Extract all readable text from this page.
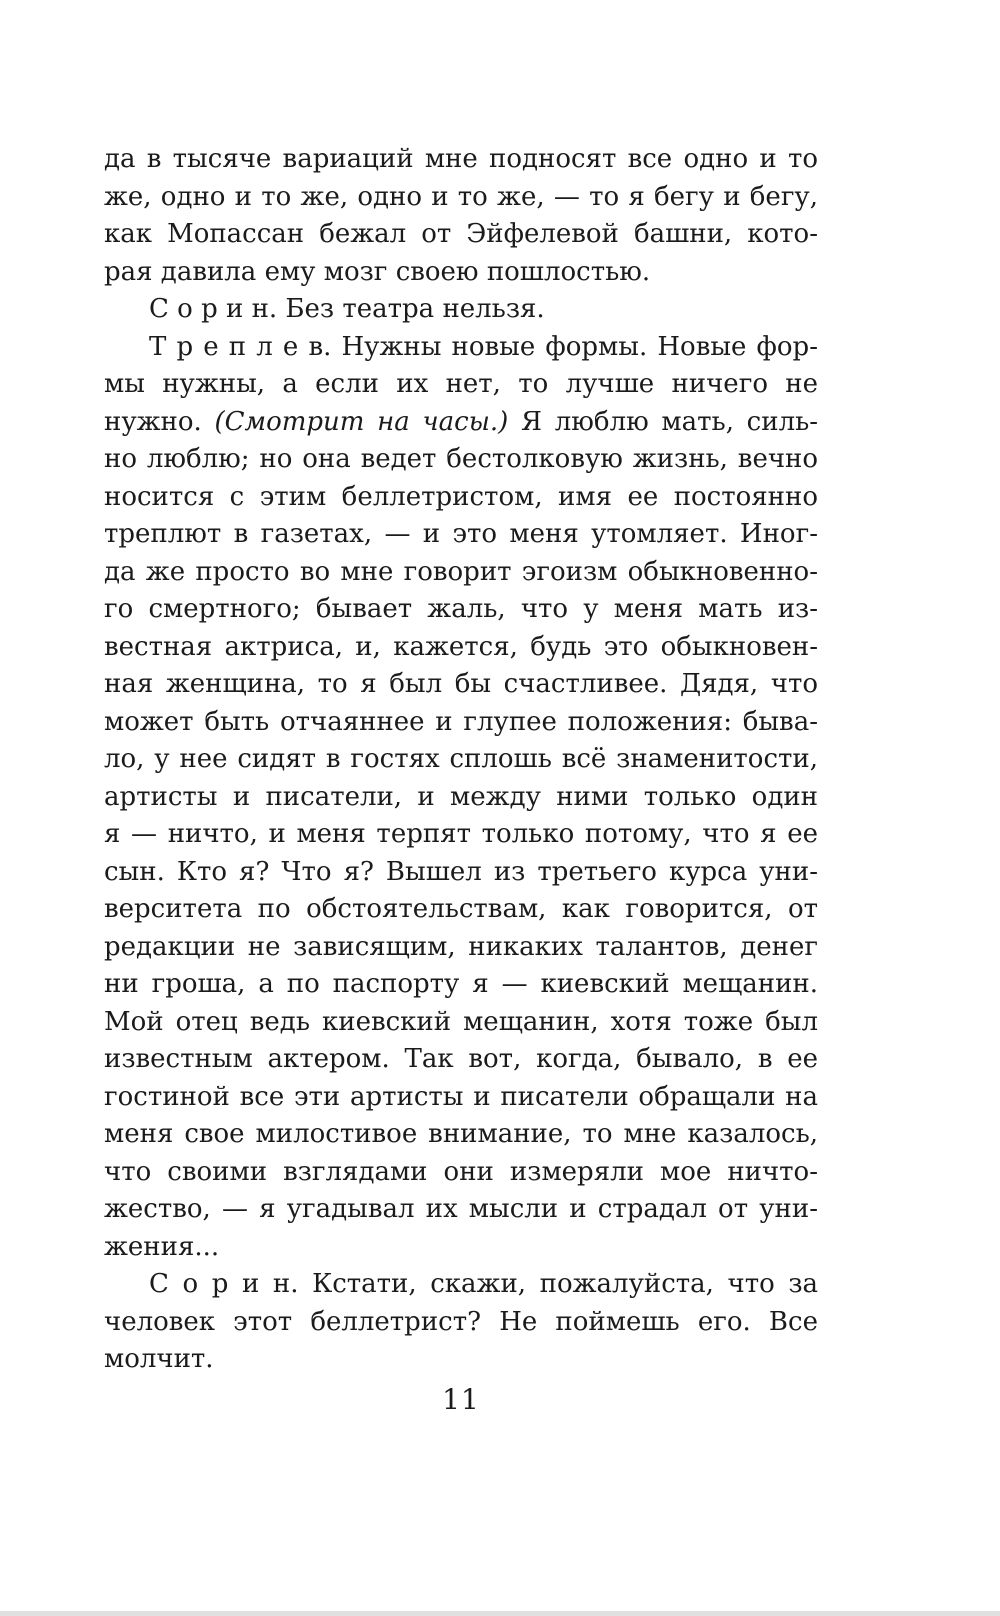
да в тысяче вариаций мне подносят все одно и то
же, одно и то же, одно и то же, — то я бегу и бегу,
как Мопассан бежал от Эйфелевой башни, кото-
рая давила ему мозг своею пошлостью.
С о р и н. Без театра нельзя.
Т р е п л е в. Нужны новые формы. Новые фор-
мы нужны, а если их нет, то лучше ничего не
нужно. (Смотрит на часы.) Я люблю мать, силь-
но люблю; но она ведет бестолковую жизнь, вечно
носится с этим беллетристом, имя ее постоянно
треплют в газетах, — и это меня утомляет. Иног-
да же просто во мне говорит эгоизм обыкновенно-
го смертного; бывает жаль, что у меня мать из-
вестная актриса, и, кажется, будь это обыкновен-
ная женщина, то я был бы счастливее. Дядя, что
может быть отчаяннее и глупее положения: быва-
ло, у нее сидят в гостях сплошь всё знаменитости,
артисты и писатели, и между ними только один
я — ничто, и меня терпят только потому, что я ее
сын. Кто я? Что я? Вышел из третьего курса уни-
верситета по обстоятельствам, как говорится, от
редакции не зависящим, никаких талантов, денег
ни гроша, а по паспорту я — киевский мещанин.
Мой отец ведь киевский мещанин, хотя тоже был
известным актером. Так вот, когда, бывало, в ее
гостиной все эти артисты и писатели обращали на
меня свое милостивое внимание, то мне казалось,
что своими взглядами они измеряли мое ничто-
жество, — я угадывал их мысли и страдал от уни-
жения...
С о р и н. Кстати, скажи, пожалуйста, что за
человек этот беллетрист? Не поймешь его. Все
молчит.
11
